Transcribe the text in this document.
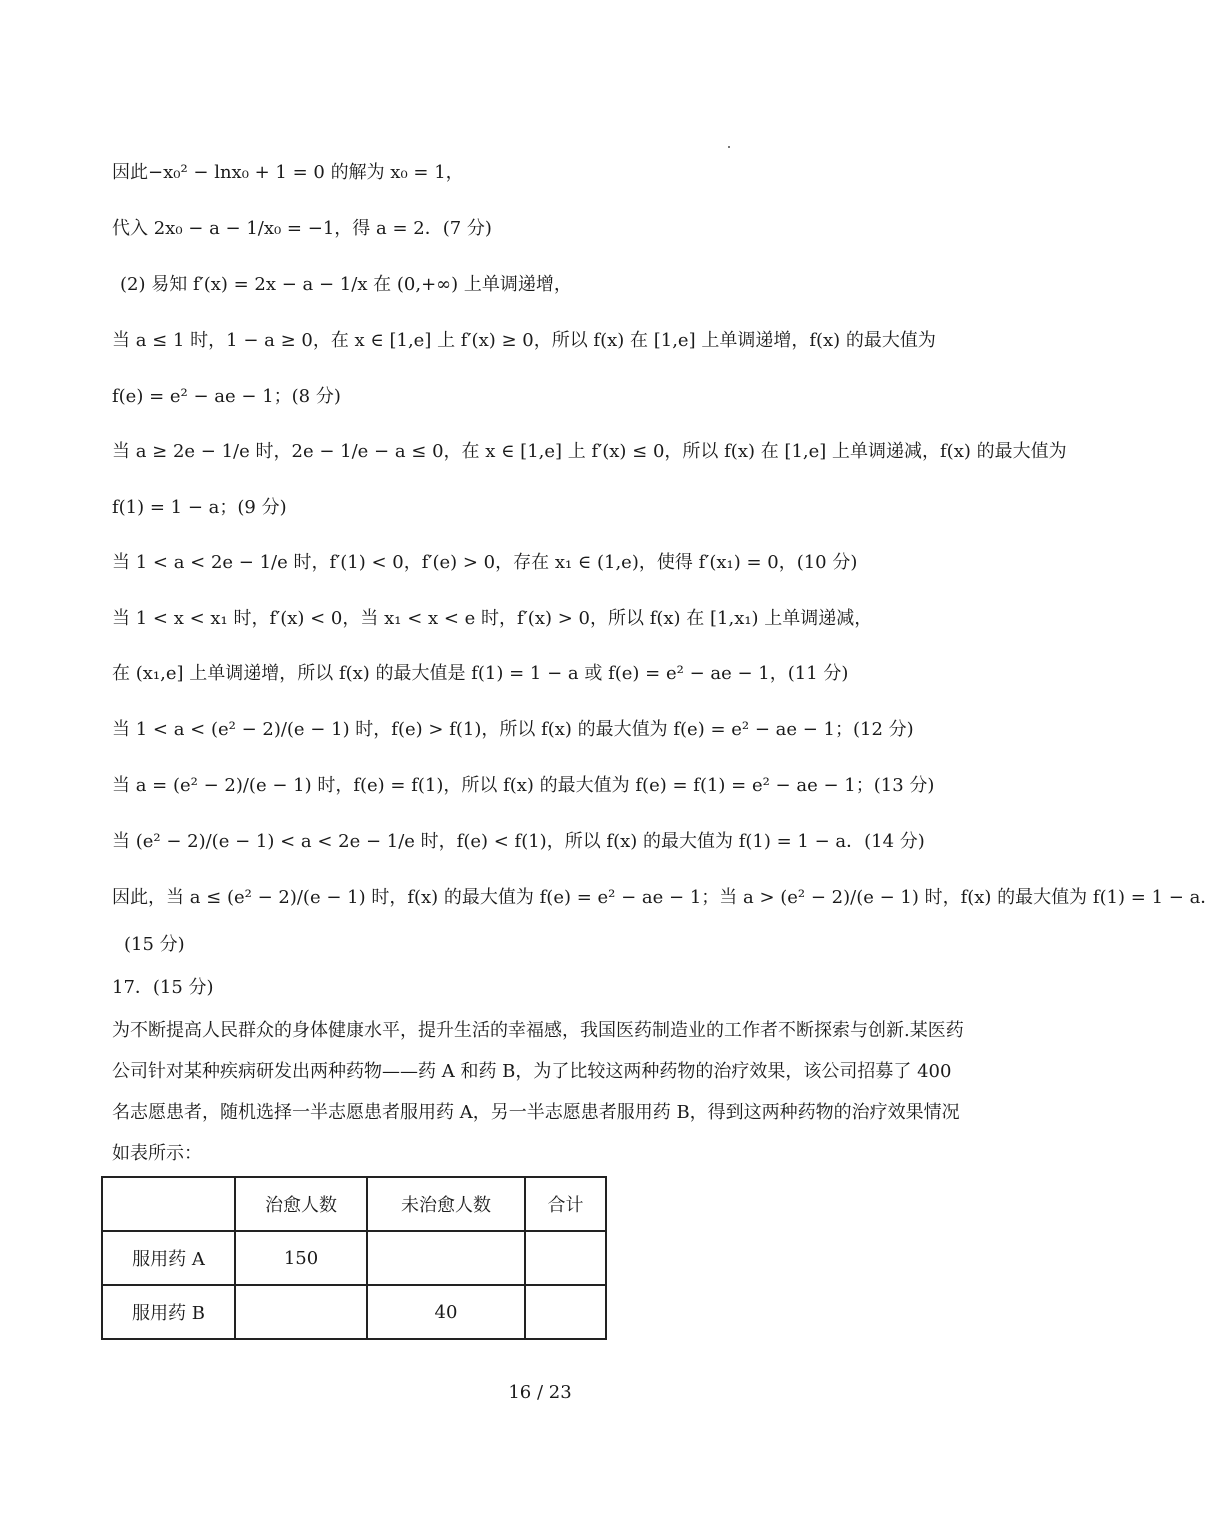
因此−x₀² − lnx₀ + 1 = 0 的解为 x₀ = 1，
代入 2x₀ − a − 1/x₀ = −1，得 a = 2．(7 分)
(2) 易知 f′(x) = 2x − a − 1/x 在 (0,+∞) 上单调递增，
当 a ≤ 1 时，1 − a ≥ 0，在 x ∈ [1,e] 上 f′(x) ≥ 0，所以 f(x) 在 [1,e] 上单调递增，f(x) 的最大值为
f(e) = e² − ae − 1；(8 分)
当 a ≥ 2e − 1/e 时，2e − 1/e − a ≤ 0，在 x ∈ [1,e] 上 f′(x) ≤ 0，所以 f(x) 在 [1,e] 上单调递减，f(x) 的最大值为
f(1) = 1 − a；(9 分)
当 1 < a < 2e − 1/e 时，f′(1) < 0，f′(e) > 0，存在 x₁ ∈ (1,e)，使得 f′(x₁) = 0，(10 分)
当 1 < x < x₁ 时，f′(x) < 0，当 x₁ < x < e 时，f′(x) > 0，所以 f(x) 在 [1,x₁) 上单调递减，
在 (x₁,e] 上单调递增，所以 f(x) 的最大值是 f(1) = 1 − a 或 f(e) = e² − ae − 1，(11 分)
当 1 < a < (e² − 2)/(e − 1) 时，f(e) > f(1)，所以 f(x) 的最大值为 f(e) = e² − ae − 1；(12 分)
当 a = (e² − 2)/(e − 1) 时，f(e) = f(1)，所以 f(x) 的最大值为 f(e) = f(1) = e² − ae − 1；(13 分)
当 (e² − 2)/(e − 1) < a < 2e − 1/e 时，f(e) < f(1)，所以 f(x) 的最大值为 f(1) = 1 − a．(14 分)
因此，当 a ≤ (e² − 2)/(e − 1) 时，f(x) 的最大值为 f(e) = e² − ae − 1；当 a > (e² − 2)/(e − 1) 时，f(x) 的最大值为 f(1) = 1 − a．
(15 分)
17．(15 分)
为不断提高人民群众的身体健康水平，提升生活的幸福感，我国医药制造业的工作者不断探索与创新.某医药公司针对某种疾病研发出两种药物——药 A 和药 B，为了比较这两种药物的治疗效果，该公司招募了 400 名志愿患者，随机选择一半志愿患者服用药 A，另一半志愿患者服用药 B，得到这两种药物的治疗效果情况如表所示：
	治愈人数	未治愈人数	合计
服用药 A	150		
服用药 B		40	
16 / 23
